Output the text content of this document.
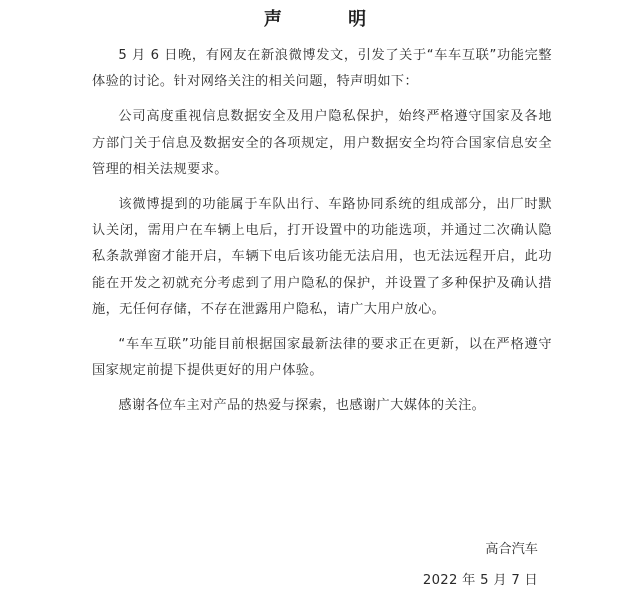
声 明

5 月 6 日晚，有网友在新浪微博发文，引发了关于“车车互联”功能完整体验的讨论。针对网络关注的相关问题，特声明如下：

公司高度重视信息数据安全及用户隐私保护，始终严格遵守国家及各地方部门关于信息及数据安全的各项规定，用户数据安全均符合国家信息安全管理的相关法规要求。

该微博提到的功能属于车队出行、车路协同系统的组成部分，出厂时默认关闭，需用户在车辆上电后，打开设置中的功能选项，并通过二次确认隐私条款弹窗才能开启，车辆下电后该功能无法启用，也无法远程开启，此功能在开发之初就充分考虑到了用户隐私的保护，并设置了多种保护及确认措施，无任何存储，不存在泄露用户隐私，请广大用户放心。

“车车互联”功能目前根据国家最新法律的要求正在更新，以在严格遵守国家规定前提下提供更好的用户体验。

感谢各位车主对产品的热爱与探索，也感谢广大媒体的关注。

高合汽车
2022 年 5 月 7 日
